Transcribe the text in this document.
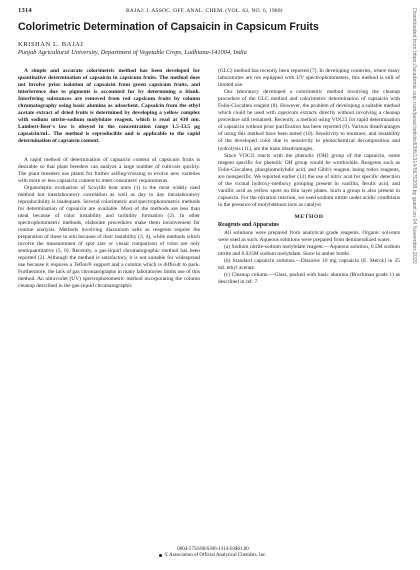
1314	BAJAJ: J. ASSOC. OFF. ANAL. CHEM. (VOL. 63, NO. 6, 1980)
Colorimetric Determination of Capsaicin in Capsicum Fruits
KRISHAN L. BAJAJ
Punjab Agricultural University, Department of Vegetable Crops, Ludhiana-141004, India

A simple and accurate colorimetric method has been developed for quantitative determination of capsaicin in capsicum fruits. The method does not involve prior isolation of capsaicin from green capsicum fruits, and interference due to pigments is accounted for by determining a blank. Interfering substances are removed from red capsicum fruits by column chromatography using basic alumina as adsorbent. Capsaicin from the ethyl acetate extract of dried fruits is determined by developing a yellow complex with sodium nitrite-sodium molybdate reagent, which is read at 430 nm. Lambert-Beer's law is obeyed in the concentration range 1.5-33.5 µg capsaicin/mL. The method is reproducible and is applicable to the rapid determination of capsaicin content.

A rapid method of determination of capsaicin content of capsicum fruits is desirable so that plant breeders can analyze a large number of cultivars quickly. The plant breeders use plants for further selfing/crossing to evolve new varieties with more or less capsaicin content to meet consumers' requirements.

Organoleptic evaluation of Scoville heat units (1) is the most widely used method but interlaboratory correlation as well as day to day intralaboratory reproducibility is inadequate. Several colorimetric and spectrophotometric methods for determination of capsaicin are available. Most of the methods are less than ideal because of color instability and turbidity formation (2). In other spectrophotometric methods, elaborate procedures make them inconvenient for routine analysis. Methods involving diazonium salts as reagents require the preparation of these in situ because of their instability (3, 4), while methods which involve the measurement of spot size or visual comparison of color are only semiquantitative (5, 6). Recently, a gas-liquid chromatographic method has been reported (2). Although the method is satisfactory, it is not suitable for widespread use because it requires a Teflon® support and a column which is difficult to pack. Furthermore, the lack of gas chromatographs in many laboratories limits use of this method. An ultraviolet (UV) spectrophotometric method incorporating the column cleanup described in the gas-liquid chromatographic

(GLC) method has recently been reported (7). In developing countries, where many laboratories are not equipped with UV spectrophotometers, this method is still of limited use.

Our laboratory developed a colorimetric method involving the cleanup procedure of the GLC method and colorimetric determination of capsaicin with Folin-Ciocalteu reagent (8). However, the problem of developing a suitable method which could be used with capsicum extracts directly without involving a cleanup procedure still remained. Recently, a method using VOCl3 for rapid determination of capsaicin without prior purification has been reported (9). Various disadvantages of using this method have been noted (10). Sensitivity to moisture, and instability of the developed color due to sensitivity to photochemical decomposition and hydrolysis (11), are the main disadvantages.

Since VOCl3 reacts with the phenolic (OH) group of the capsaicin, some reagent specific for phenolic OH group would be worthwhile. Reagents such as Folin-Ciocalteu, phosphomolybdic acid, and Gibb's reagent, being redox reagents, are nonspecific. We reported earlier (12) the use of nitric acid for specific detection of the vicinal hydroxy-methoxy grouping present in vanillin, ferulic acid, and vanillic acid as yellow spots on thin layer plates. Such a group is also present in capsaicin. For the nitration reaction, we used sodium nitrite under acidic conditions in the presence of molybdenum ions as catalyst.

METHOD
Reagents and Apparatus

All solutions were prepared from analytical grade reagents. Organic solvents were used as such. Aqueous solutions were prepared from demineralized water.

(a) Sodium nitrite-sodium molybdate reagent.—Aqueous solution, 0.5M sodium nitrite and 0.025M sodium molybdate. Store in amber bottle.

(b) Standard capsaicin solution.—Dissolve 10 mg capsaicin (E. Merck) in 25 mL ethyl acetate.

(c) Cleanup column.—Glass, packed with basic alumina (Brockman grade 1) as described in ref. 7.

0004-5756/80/6306-1314-03$01.00
© Association of Official Analytical Chemists, Inc.
Downloaded from https://academic.oup.com/jaoac/article/63/6/1314/5670208 by guest on 04 November 2020
